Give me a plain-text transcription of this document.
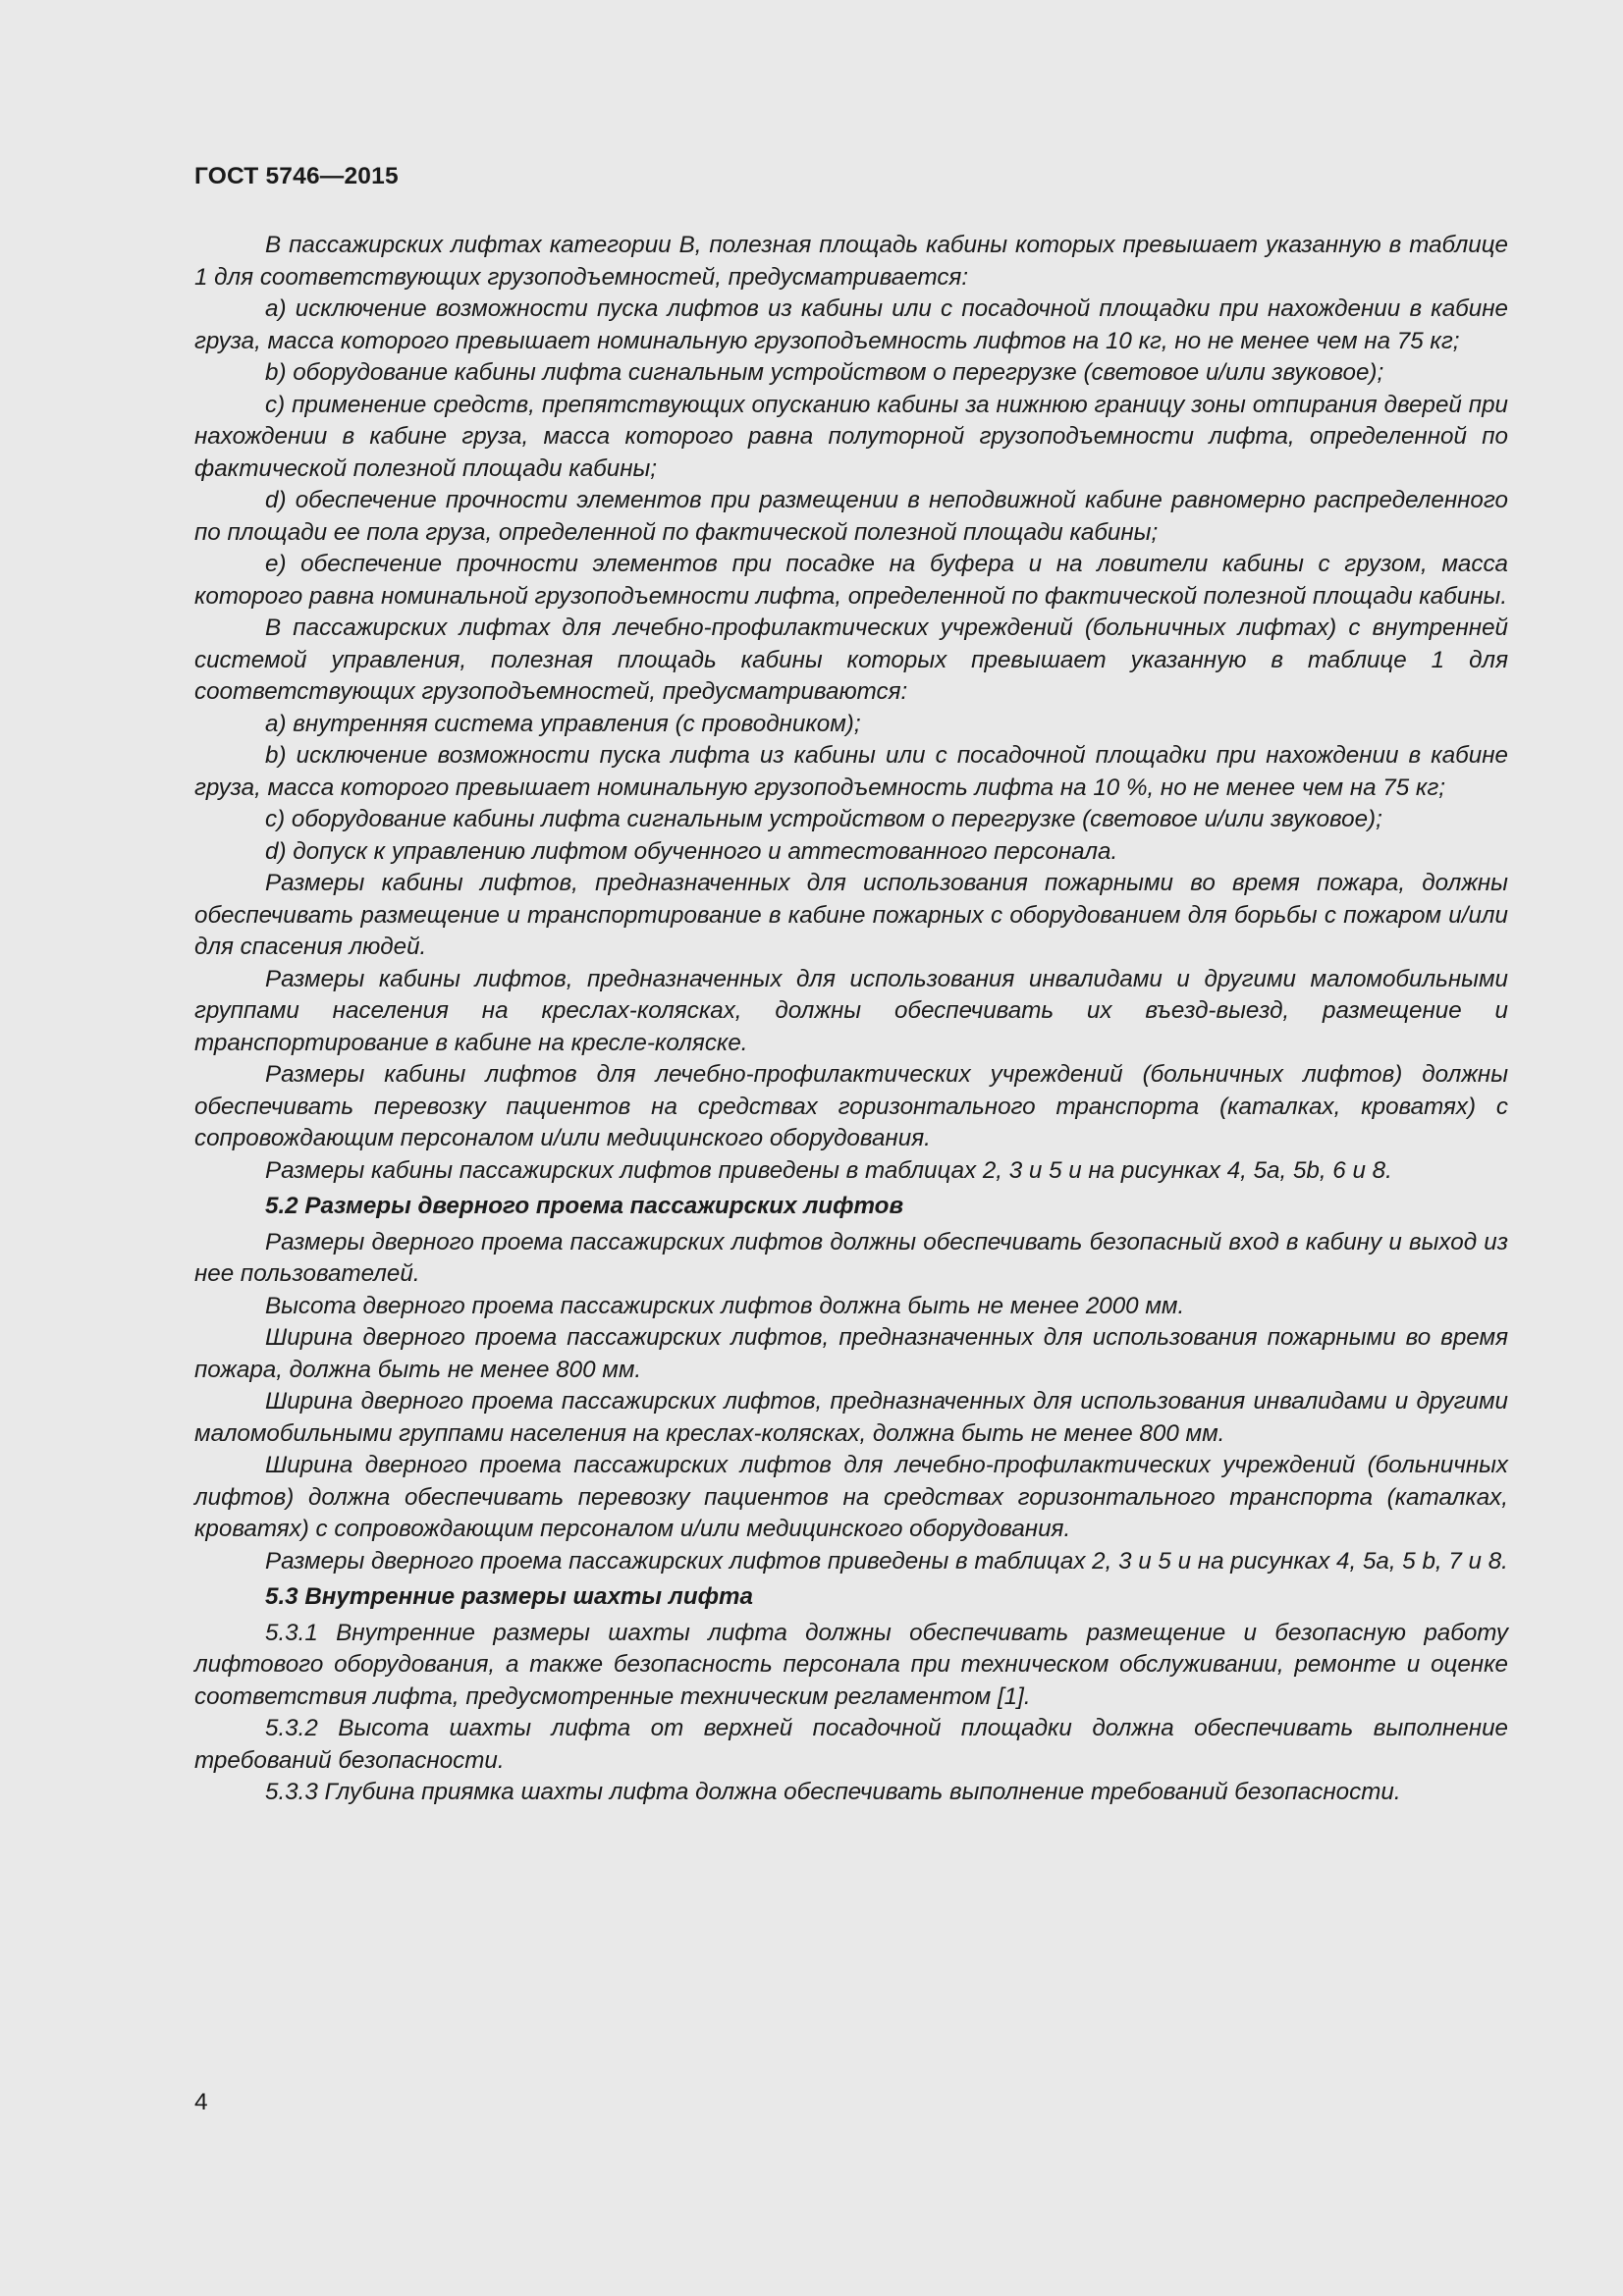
ГОСТ 5746—2015

В пассажирских лифтах категории В, полезная площадь кабины которых превышает указанную в таблице 1 для соответствующих грузоподъемностей, предусматривается:

a) исключение возможности пуска лифтов из кабины или с посадочной площадки при нахождении в кабине груза, масса которого превышает номинальную грузоподъемность лифтов на 10 кг, но не менее чем на 75 кг;

b) оборудование кабины лифта сигнальным устройством о перегрузке (световое и/или звуковое);

c) применение средств, препятствующих опусканию кабины за нижнюю границу зоны отпирания дверей при нахождении в кабине груза, масса которого равна полуторной грузоподъемности лифта, определенной по фактической полезной площади кабины;

d) обеспечение прочности элементов при размещении в неподвижной кабине равномерно распределенного по площади ее пола груза, определенной по фактической полезной площади кабины;

e) обеспечение прочности элементов при посадке на буфера и на ловители кабины с грузом, масса которого равна номинальной грузоподъемности лифта, определенной по фактической полезной площади кабины.

В пассажирских лифтах для лечебно-профилактических учреждений (больничных лифтах) с внутренней системой управления, полезная площадь кабины которых превышает указанную в таблице 1 для соответствующих грузоподъемностей, предусматриваются:

a) внутренняя система управления (с проводником);

b) исключение возможности пуска лифта из кабины или с посадочной площадки при нахождении в кабине груза, масса которого превышает номинальную грузоподъемность лифта на 10 %, но не менее чем на 75 кг;

c) оборудование кабины лифта сигнальным устройством о перегрузке (световое и/или звуковое);

d) допуск к управлению лифтом обученного и аттестованного персонала.

Размеры кабины лифтов, предназначенных для использования пожарными во время пожара, должны обеспечивать размещение и транспортирование в кабине пожарных с оборудованием для борьбы с пожаром и/или для спасения людей.

Размеры кабины лифтов, предназначенных для использования инвалидами и другими маломобильными группами населения на креслах-колясках, должны обеспечивать их въезд-выезд, размещение и транспортирование в кабине на кресле-коляске.

Размеры кабины лифтов для лечебно-профилактических учреждений (больничных лифтов) должны обеспечивать перевозку пациентов на средствах горизонтального транспорта (каталках, кроватях) с сопровождающим персоналом и/или медицинского оборудования.

Размеры кабины пассажирских лифтов приведены в таблицах 2, 3 и 5 и на рисунках 4, 5а, 5b, 6 и 8.

5.2 Размеры дверного проема пассажирских лифтов

Размеры дверного проема пассажирских лифтов должны обеспечивать безопасный вход в кабину и выход из нее пользователей.

Высота дверного проема пассажирских лифтов должна быть не менее 2000 мм.

Ширина дверного проема пассажирских лифтов, предназначенных для использования пожарными во время пожара, должна быть не менее 800 мм.

Ширина дверного проема пассажирских лифтов, предназначенных для использования инвалидами и другими маломобильными группами населения на креслах-колясках, должна быть не менее 800 мм.

Ширина дверного проема пассажирских лифтов для лечебно-профилактических учреждений (больничных лифтов) должна обеспечивать перевозку пациентов на средствах горизонтального транспорта (каталках, кроватях) с сопровождающим персоналом и/или медицинского оборудования.

Размеры дверного проема пассажирских лифтов приведены в таблицах 2, 3 и 5 и на рисунках 4, 5a, 5 b, 7 и 8.

5.3 Внутренние размеры шахты лифта

5.3.1 Внутренние размеры шахты лифта должны обеспечивать размещение и безопасную работу лифтового оборудования, а также безопасность персонала при техническом обслуживании, ремонте и оценке соответствия лифта, предусмотренные техническим регламентом [1].

5.3.2 Высота шахты лифта от верхней посадочной площадки должна обеспечивать выполнение требований безопасности.

5.3.3 Глубина приямка шахты лифта должна обеспечивать выполнение требований безопасности.

4
